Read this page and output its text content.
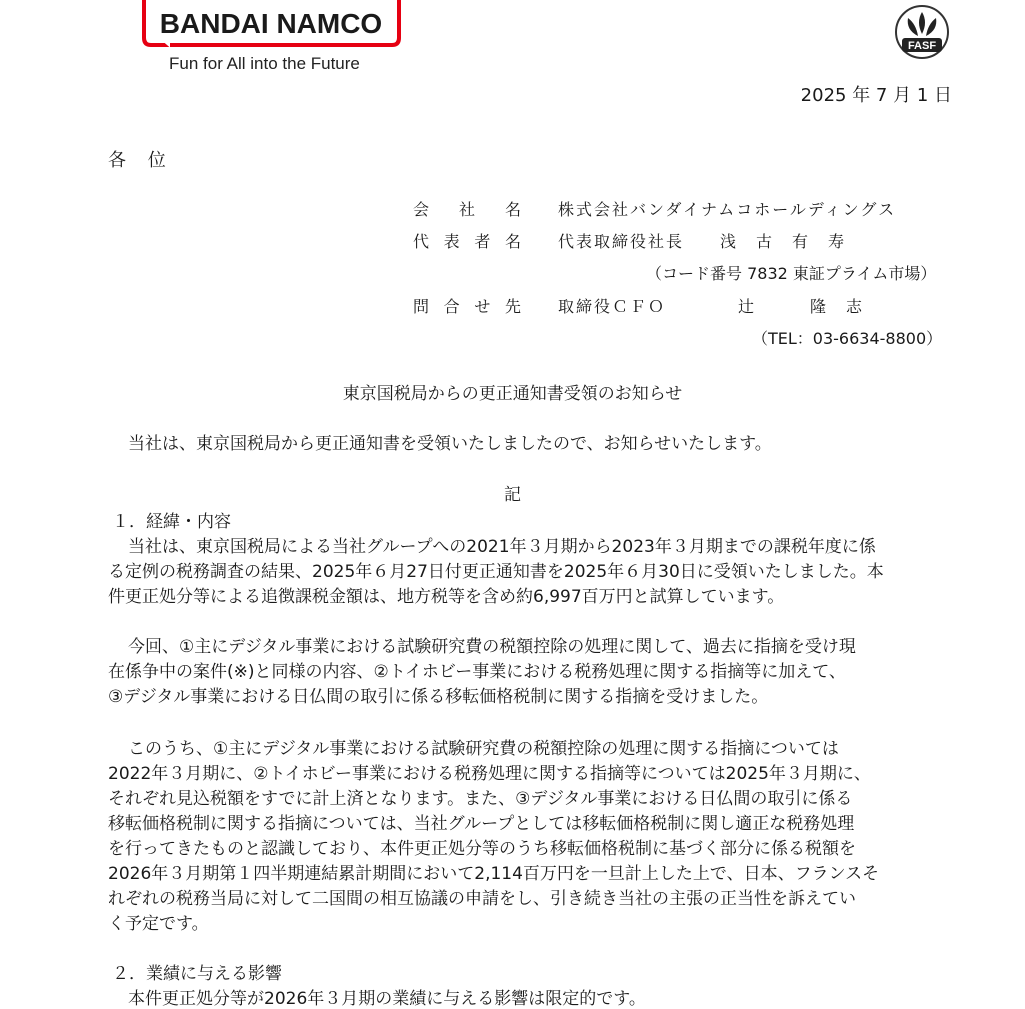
BANDAI NAMCO
Fun for All into the Future
FASF
2025 年 7 月 1 日
各 位
会社名 株式会社バンダイナムコホールディングス
代表者名 代表取締役社長　　浅　古　有　寿
（コード番号 7832 東証プライム市場）
問合せ先 取締役ＣＦＯ　　　　辻　　　隆　志
（TEL：03-6634-8800）
東京国税局からの更正通知書受領のお知らせ
当社は、東京国税局から更正通知書を受領いたしましたので、お知らせいたします。
記
１．経緯・内容
当社は、東京国税局による当社グループへの2021年３月期から2023年３月期までの課税年度に係
る定例の税務調査の結果、2025年６月27日付更正通知書を2025年６月30日に受領いたしました。本
件更正処分等による追徴課税金額は、地方税等を含め約6,997百万円と試算しています。
今回、①主にデジタル事業における試験研究費の税額控除の処理に関して、過去に指摘を受け現
在係争中の案件(※)と同様の内容、②トイホビー事業における税務処理に関する指摘等に加えて、
③デジタル事業における日仏間の取引に係る移転価格税制に関する指摘を受けました。
このうち、①主にデジタル事業における試験研究費の税額控除の処理に関する指摘については
2022年３月期に、②トイホビー事業における税務処理に関する指摘等については2025年３月期に、
それぞれ見込税額をすでに計上済となります。また、③デジタル事業における日仏間の取引に係る
移転価格税制に関する指摘については、当社グループとしては移転価格税制に関し適正な税務処理
を行ってきたものと認識しており、本件更正処分等のうち移転価格税制に基づく部分に係る税額を
2026年３月期第１四半期連結累計期間において2,114百万円を一旦計上した上で、日本、フランスそ
れぞれの税務当局に対して二国間の相互協議の申請をし、引き続き当社の主張の正当性を訴えてい
く予定です。
２．業績に与える影響
本件更正処分等が2026年３月期の業績に与える影響は限定的です。
